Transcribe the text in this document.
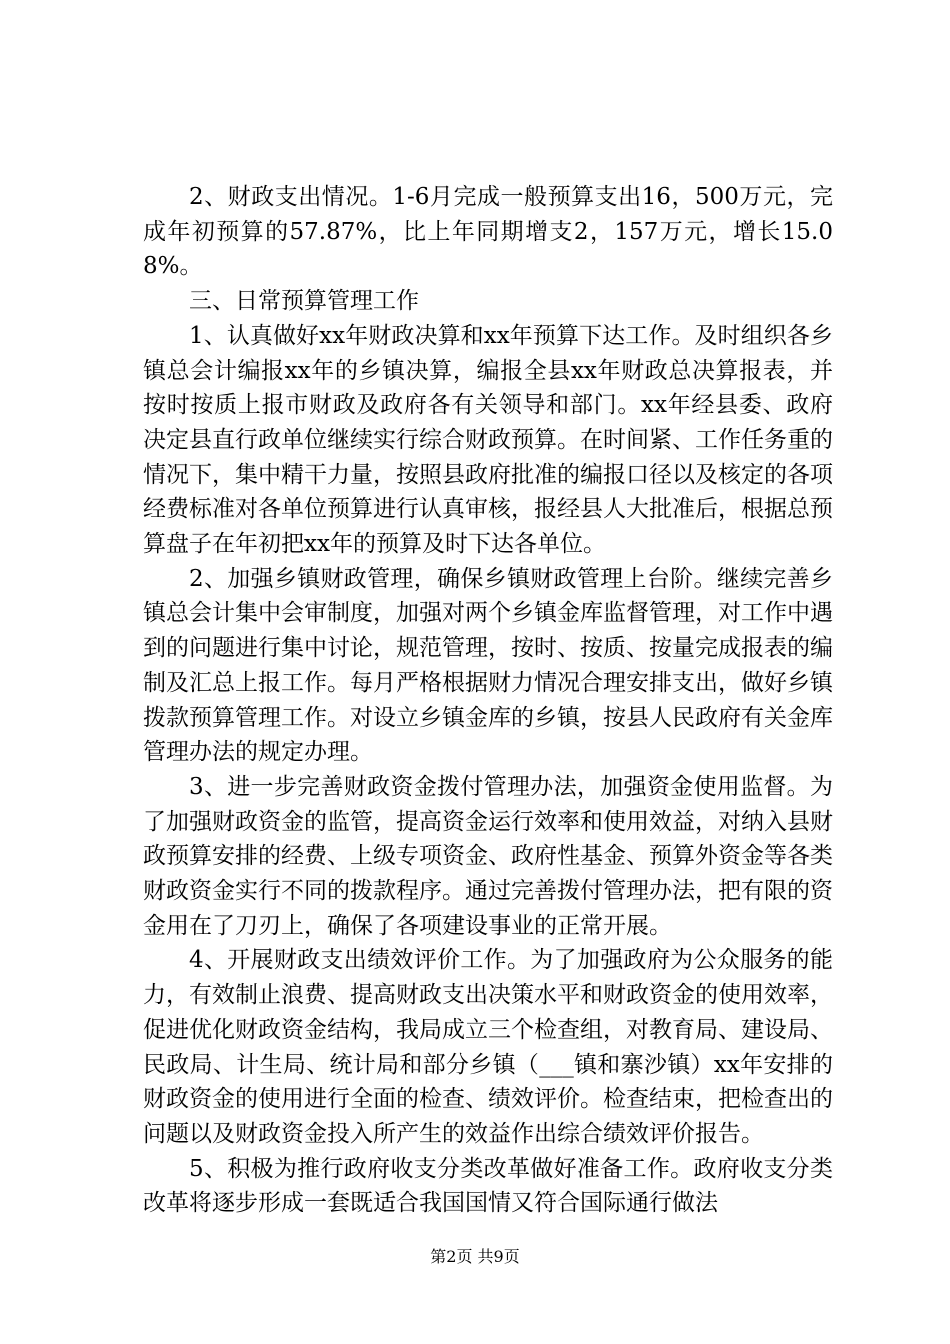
2、财政支出情况。1-6月完成一般预算支出16，500万元，完成年初预算的57.87%，比上年同期增支2，157万元，增长15.08%。

三、日常预算管理工作

1、认真做好xx年财政决算和xx年预算下达工作。及时组织各乡镇总会计编报xx年的乡镇决算，编报全县xx年财政总决算报表，并按时按质上报市财政及政府各有关领导和部门。xx年经县委、政府决定县直行政单位继续实行综合财政预算。在时间紧、工作任务重的情况下，集中精干力量，按照县政府批准的编报口径以及核定的各项经费标准对各单位预算进行认真审核，报经县人大批准后，根据总预算盘子在年初把xx年的预算及时下达各单位。

2、加强乡镇财政管理，确保乡镇财政管理上台阶。继续完善乡镇总会计集中会审制度，加强对两个乡镇金库监督管理，对工作中遇到的问题进行集中讨论，规范管理，按时、按质、按量完成报表的编制及汇总上报工作。每月严格根据财力情况合理安排支出，做好乡镇拨款预算管理工作。对设立乡镇金库的乡镇，按县人民政府有关金库管理办法的规定办理。

3、进一步完善财政资金拨付管理办法，加强资金使用监督。为了加强财政资金的监管，提高资金运行效率和使用效益，对纳入县财政预算安排的经费、上级专项资金、政府性基金、预算外资金等各类财政资金实行不同的拨款程序。通过完善拨付管理办法，把有限的资金用在了刀刃上，确保了各项建设事业的正常开展。

4、开展财政支出绩效评价工作。为了加强政府为公众服务的能力，有效制止浪费、提高财政支出决策水平和财政资金的使用效率，促进优化财政资金结构，我局成立三个检查组，对教育局、建设局、民政局、计生局、统计局和部分乡镇（___镇和寨沙镇）xx年安排的财政资金的使用进行全面的检查、绩效评价。检查结束，把检查出的问题以及财政资金投入所产生的效益作出综合绩效评价报告。

5、积极为推行政府收支分类改革做好准备工作。政府收支分类改革将逐步形成一套既适合我国国情又符合国际通行做法

第2页 共9页
